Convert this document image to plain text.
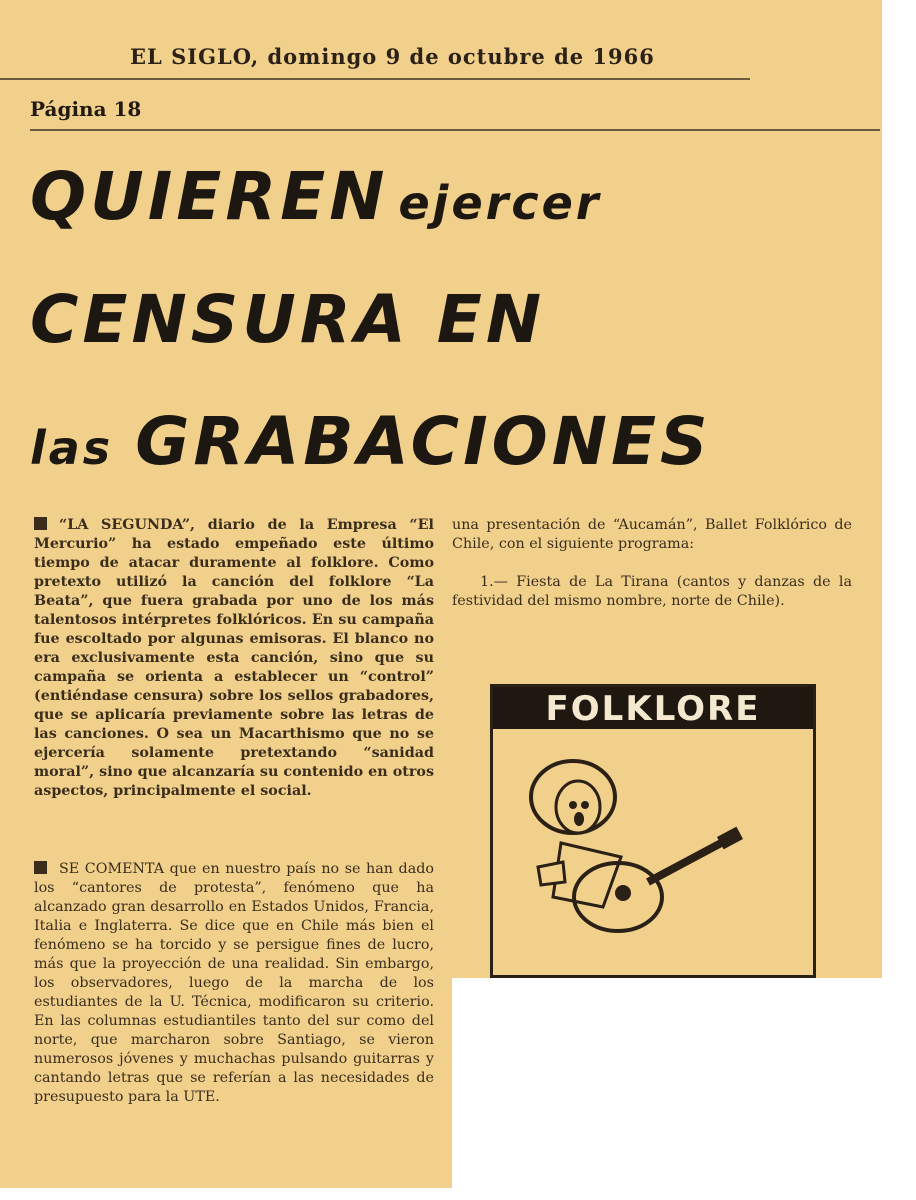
EL SIGLO, domingo 9 de octubre de 1966
Página 18
QUIEREN ejercer
CENSURA EN
las GRABACIONES
“LA SEGUNDA”, diario de la Empresa “El Mercurio” ha estado empeñado este último tiempo de atacar duramente al folklore. Como pretexto utilizó la canción del folklore “La Beata”, que fuera grabada por uno de los más talentosos intérpretes folklóricos. En su campaña fue escoltado por algunas emisoras. El blanco no era exclusivamente esta canción, sino que su campaña se orienta a establecer un “control” (entiéndase censura) sobre los sellos grabadores, que se aplicaría previamente sobre las letras de las canciones. O sea un Macarthismo que no se ejercería solamente pretextando “sanidad moral”, sino que alcanzaría su contenido en otros aspectos, principalmente el social.
SE COMENTA que en nuestro país no se han dado los “cantores de protesta”, fenómeno que ha alcanzado gran desarrollo en Estados Unidos, Francia, Italia e Inglaterra. Se dice que en Chile más bien el fenómeno se ha torcido y se persigue fines de lucro, más que la proyección de una realidad. Sin embargo, los observadores, luego de la marcha de los estudiantes de la U. Técnica, modificaron su criterio. En las columnas estudiantiles tanto del sur como del norte, que marcharon sobre Santiago, se vieron numerosos jóvenes y muchachas pulsando guitarras y cantando letras que se referían a las necesidades de presupuesto para la UTE.
una presentación de “Aucamán”, Ballet Folklórico de Chile, con el siguiente programa:
1.— Fiesta de La Tirana (cantos y danzas de la festividad del mismo nombre, norte de Chile).
FOLKLORE
